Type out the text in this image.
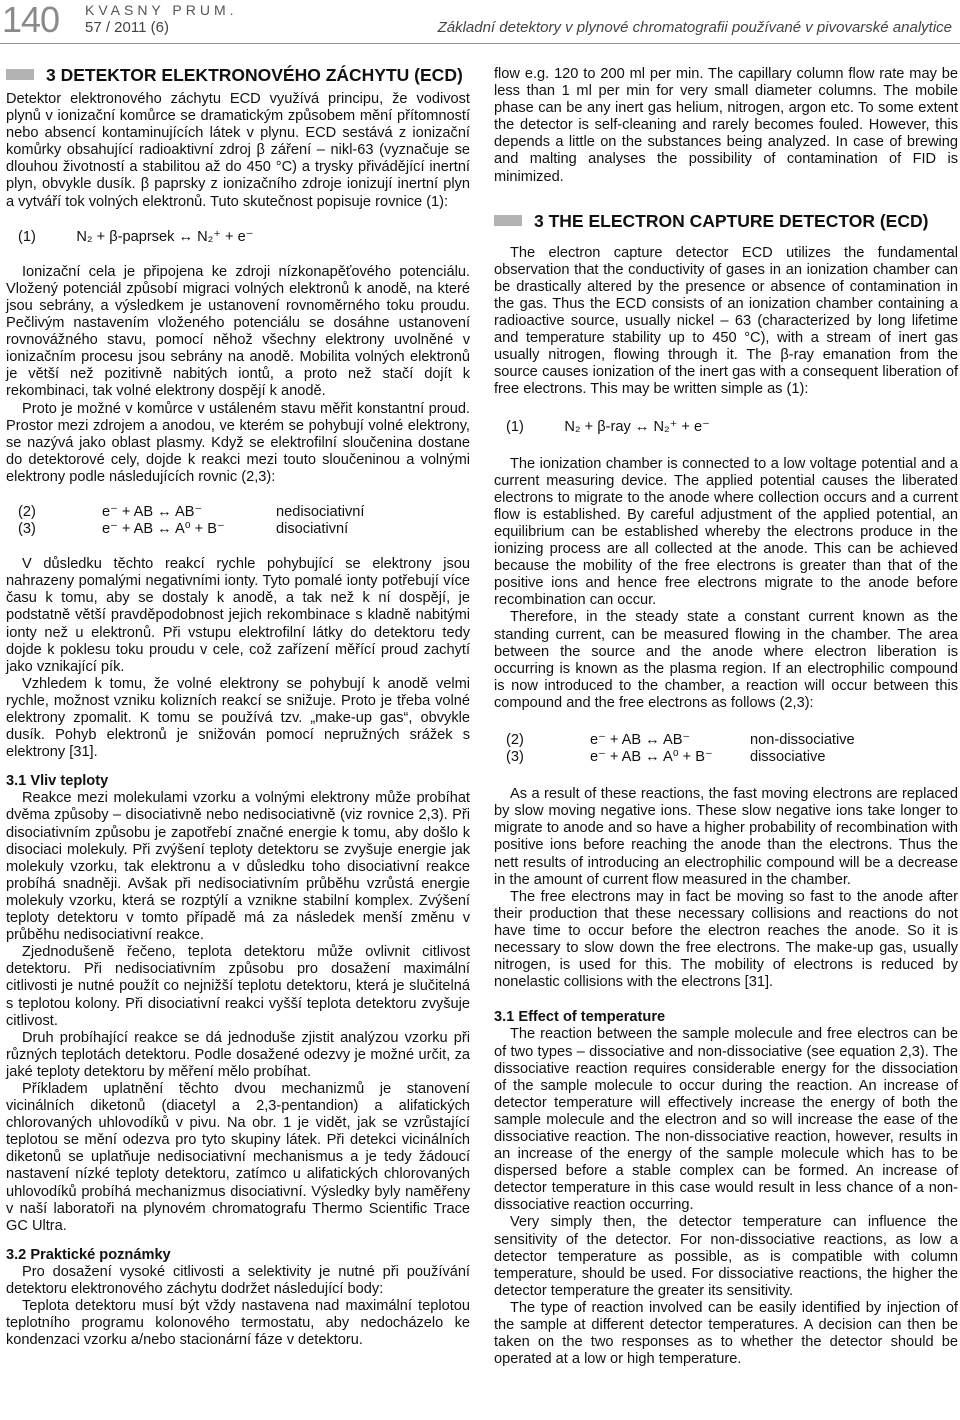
140 KVASNY PRUM.
57 / 2011 (6)	Základní detektory v plynové chromatografii používané v pivovarské analytice
3 DETEKTOR ELEKTRONOVÉHO ZÁCHYTU (ECD)

Detektor elektronového záchytu ECD využívá principu, že vodivost plynů v ionizační komůrce se dramatickým způsobem mění přítomností nebo absencí kontaminujících látek v plynu. ECD sestává z ionizační komůrky obsahující radioaktivní zdroj β záření – nikl-63 (vyznačuje se dlouhou životností a stabilitou až do 450 °C) a trysky přivádějící inertní plyn, obvykle dusík. β paprsky z ionizačního zdroje ionizují inertní plyn a vytváří tok volných elektronů. Tuto skutečnost popisuje rovnice (1):

(1)          N₂ + β-paprsek ↔ N₂⁺ + e⁻

Ionizační cela je připojena ke zdroji nízkonapěťového potenciálu. Vložený potenciál způsobí migraci volných elektronů k anodě, na které jsou sebrány, a výsledkem je ustanovení rovnoměrného toku proudu. Pečlivým nastavením vloženého potenciálu se dosáhne ustanovení rovnovážného stavu, pomocí něhož všechny elektrony uvolněné v ionizačním procesu jsou sebrány na anodě. Mobilita volných elektronů je větší než pozitivně nabitých iontů, a proto než stačí dojít k rekombinaci, tak volné elektrony dospějí k anodě.

Proto je možné v komůrce v ustáleném stavu měřit konstantní proud. Prostor mezi zdrojem a anodou, ve kterém se pohybují volné elektrony, se nazývá jako oblast plasmy. Když se elektrofilní sloučenina dostane do detektorové cely, dojde k reakci mezi touto sloučeninou a volnými elektrony podle následujících rovnic (2,3):

(2)	e⁻ + AB ↔ AB⁻	nedisociativní
(3)	e⁻ + AB ↔ A⁰ + B⁻	disociativní

V důsledku těchto reakcí rychle pohybující se elektrony jsou nahrazeny pomalými negativními ionty. Tyto pomalé ionty potřebují více času k tomu, aby se dostaly k anodě, a tak než k ní dospějí, je podstatně větší pravděpodobnost jejich rekombinace s kladně nabitými ionty než u elektronů. Při vstupu elektrofilní látky do detektoru tedy dojde k poklesu toku proudu v cele, což zařízení měřící proud zachytí jako vznikající pík.

Vzhledem k tomu, že volné elektrony se pohybují k anodě velmi rychle, možnost vzniku kolizních reakcí se snižuje. Proto je třeba volné elektrony zpomalit. K tomu se používá tzv. „make-up gas“, obvykle dusík. Pohyb elektronů je snižován pomocí nepružných srážek s elektrony [31].

3.1 Vliv teploty

Reakce mezi molekulami vzorku a volnými elektrony může probíhat dvěma způsoby – disociativně nebo nedisociativně (viz rovnice 2,3). Při disociativním způsobu je zapotřebí značné energie k tomu, aby došlo k disociaci molekuly. Při zvýšení teploty detektoru se zvyšuje energie jak molekuly vzorku, tak elektronu a v důsledku toho disociativní reakce probíhá snadněji. Avšak při nedisociativním průběhu vzrůstá energie molekuly vzorku, která se rozptýlí a vznikne stabilní komplex. Zvýšení teploty detektoru v tomto případě má za následek menší změnu v průběhu nedisociativní reakce.

Zjednodušeně řečeno, teplota detektoru může ovlivnit citlivost detektoru. Při nedisociativním způsobu pro dosažení maximální citlivosti je nutné použít co nejnižší teplotu detektoru, která je slučitelná s teplotou kolony. Při disociativní reakci vyšší teplota detektoru zvyšuje citlivost.

Druh probíhající reakce se dá jednoduše zjistit analýzou vzorku při různých teplotách detektoru. Podle dosažené odezvy je možné určit, za jaké teploty detektoru by měření mělo probíhat.

Příkladem uplatnění těchto dvou mechanizmů je stanovení vicinálních diketonů (diacetyl a 2,3-pentandion) a alifatických chlorovaných uhlovodíků v pivu. Na obr. 1 je vidět, jak se vzrůstající teplotou se mění odezva pro tyto skupiny látek. Při detekci vicinálních diketonů se uplatňuje nedisociativní mechanismus a je tedy žádoucí nastavení nízké teploty detektoru, zatímco u alifatických chlorovaných uhlovodíků probíhá mechanizmus disociativní. Výsledky byly naměřeny v naší laboratoři na plynovém chromatografu Thermo Scientific Trace GC Ultra.

3.2 Praktické poznámky

Pro dosažení vysoké citlivosti a selektivity je nutné při používání detektoru elektronového záchytu dodržet následující body:

Teplota detektoru musí být vždy nastavena nad maximální teplotou teplotního programu kolonového termostatu, aby nedocházelo ke kondenzaci vzorku a/nebo stacionární fáze v detektoru.

flow e.g. 120 to 200 ml per min. The capillary column flow rate may be less than 1 ml per min for very small diameter columns. The mobile phase can be any inert gas helium, nitrogen, argon etc. To some extent the detector is self-cleaning and rarely becomes fouled. However, this depends a little on the substances being analyzed. In case of brewing and malting analyses the possibility of contamination of FID is minimized.

3 THE ELECTRON CAPTURE DETECTOR (ECD)

The electron capture detector ECD utilizes the fundamental observation that the conductivity of gases in an ionization chamber can be drastically altered by the presence or absence of contamination in the gas. Thus the ECD consists of an ionization chamber containing a radioactive source, usually nickel – 63 (characterized by long lifetime and temperature stability up to 450 °C), with a stream of inert gas usually nitrogen, flowing through it. The β-ray emanation from the source causes ionization of the inert gas with a consequent liberation of free electrons. This may be written simple as (1):

(1)          N₂ + β-ray ↔ N₂⁺ + e⁻

The ionization chamber is connected to a low voltage potential and a current measuring device. The applied potential causes the liberated electrons to migrate to the anode where collection occurs and a current flow is established. By careful adjustment of the applied potential, an equilibrium can be established whereby the electrons produce in the ionizing process are all collected at the anode. This can be achieved because the mobility of the free electrons is greater than that of the positive ions and hence free electrons migrate to the anode before recombination can occur.

Therefore, in the steady state a constant current known as the standing current, can be measured flowing in the chamber. The area between the source and the anode where electron liberation is occurring is known as the plasma region. If an electrophilic compound is now introduced to the chamber, a reaction will occur between this compound and the free electrons as follows (2,3):

(2)	e⁻ + AB ↔ AB⁻	non-dissociative
(3)	e⁻ + AB ↔ A⁰ + B⁻	dissociative

As a result of these reactions, the fast moving electrons are replaced by slow moving negative ions. These slow negative ions take longer to migrate to anode and so have a higher probability of recombination with positive ions before reaching the anode than the electrons. Thus the nett results of introducing an electrophilic compound will be a decrease in the amount of current flow measured in the chamber.

The free electrons may in fact be moving so fast to the anode after their production that these necessary collisions and reactions do not have time to occur before the electron reaches the anode. So it is necessary to slow down the free electrons. The make-up gas, usually nitrogen, is used for this. The mobility of electrons is reduced by nonelastic collisions with the electrons [31].

3.1 Effect of temperature

The reaction between the sample molecule and free electros can be of two types – dissociative and non-dissociative (see equation 2,3). The dissociative reaction requires considerable energy for the dissociation of the sample molecule to occur during the reaction. An increase of detector temperature will effectively increase the energy of both the sample molecule and the electron and so will increase the ease of the dissociative reaction. The non-dissociative reaction, however, results in an increase of the energy of the sample molecule which has to be dispersed before a stable complex can be formed. An increase of detector temperature in this case would result in less chance of a non-dissociative reaction occurring.

Very simply then, the detector temperature can influence the sensitivity of the detector. For non-dissociative reactions, as low a detector temperature as possible, as is compatible with column temperature, should be used. For dissociative reactions, the higher the detector temperature the greater its sensitivity.

The type of reaction involved can be easily identified by injection of the sample at different detector temperatures. A decision can then be taken on the two responses as to whether the detector should be operated at a low or high temperature.
